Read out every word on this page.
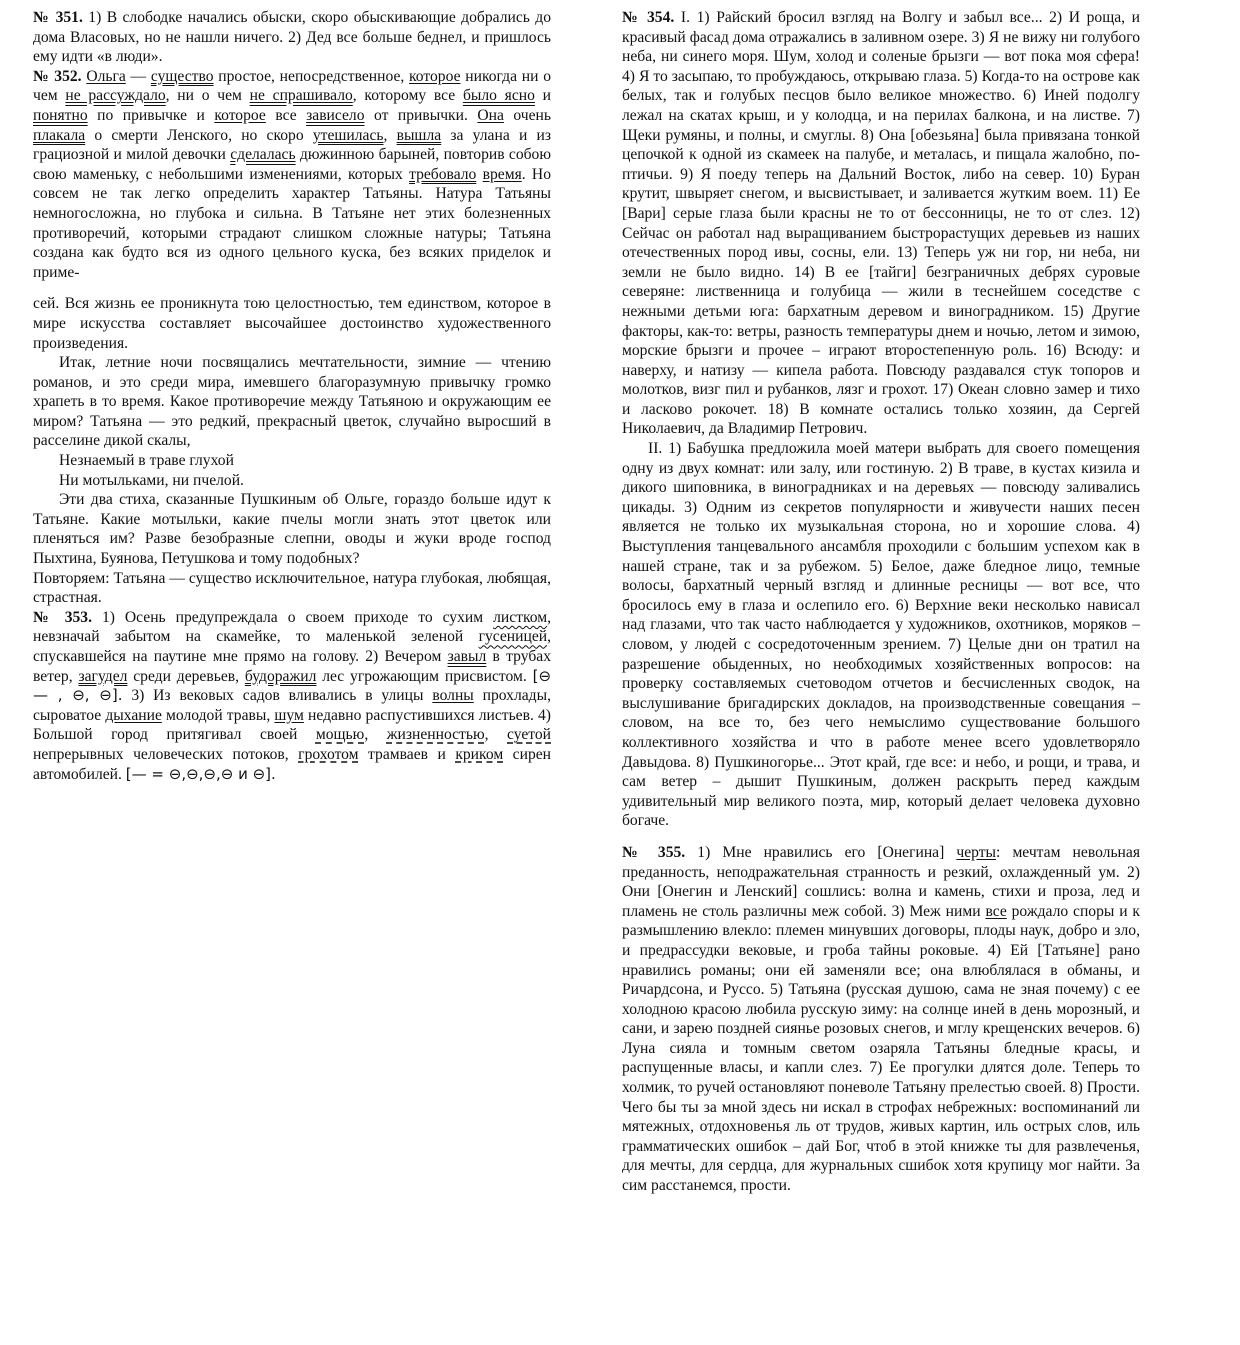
№ 351. 1) В слободке начались обыски, скоро обыскивающие добрались до дома Власовых, но не нашли ничего. 2) Дед все больше беднел, и пришлось ему идти «в люди».

№ 352. Ольга — существо простое, непосредственное, которое никогда ни о чем не рассуждало, ни о чем не спрашивало, которому все было ясно и понятно по привычке и которое все зависело от привычки. Она очень плакала о смерти Ленского, но скоро утешилась, вышла за улана и из грациозной и милой девочки сделалась дюжинною барыней, повторив собою свою маменьку, с небольшими изменениями, которых требовало время. Но совсем не так легко определить характер Татьяны. Натура Татьяны немногосложна, но глубока и сильна. В Татьяне нет этих болезненных противоречий, которыми страдают слишком сложные натуры; Татьяна создана как будто вся из одного цельного куска, без всяких приделок и приме-

сей. Вся жизнь ее проникнута тою целостностью, тем единством, которое в мире искусства составляет высочайшее достоинство художественного произведения.

Итак, летние ночи посвящались мечтательности, зимние — чтению романов, и это среди мира, имевшего благоразумную привычку громко храпеть в то время. Какое противоречие между Татьяною и окружающим ее миром? Татьяна — это редкий, прекрасный цветок, случайно выросший в расселине дикой скалы,

Незнаемый в траве глухой

Ни мотыльками, ни пчелой.

Эти два стиха, сказанные Пушкиным об Ольге, гораздо больше идут к Татьяне. Какие мотыльки, какие пчелы могли знать этот цветок или пленяться им? Разве безобразные слепни, оводы и жуки вроде господ Пыхтина, Буянова, Петушкова и тому подобных?

Повторяем: Татьяна — существо исключительное, натура глубокая, любящая, страстная.

№ 353. 1) Осень предупреждала о своем приходе то сухим листком, невзначай забытом на скамейке, то маленькой зеленой гусеницей, спускавшейся на паутине мне прямо на голову. 2) Вечером завыл в трубах ветер, загудел среди деревьев, будоражил лес угрожающим присвистом. [⊖ — , ⊖, ⊖]. 3) Из вековых садов вливались в улицы волны прохлады, сыроватое дыхание молодой травы, шум недавно распустившихся листьев. 4) Большой город притягивал своей мощью, жизненностью, суетой непрерывных человеческих потоков, грохотом трамваев и криком сирен автомобилей. [— = ⊖,⊖,⊖,⊖ и ⊖].

№ 354. I. 1) Райский бросил взгляд на Волгу и забыл все... 2) И роща, и красивый фасад дома отражались в заливном озере. 3) Я не вижу ни голубого неба, ни синего моря. Шум, холод и соленые брызги — вот пока моя сфера! 4) Я то засыпаю, то пробуждаюсь, открываю глаза. 5) Когда-то на острове как белых, так и голубых песцов было великое множество. 6) Иней подолгу лежал на скатах крыш, и у колодца, и на перилах балкона, и на листве. 7) Щеки румяны, и полны, и смуглы. 8) Она [обезьяна] была привязана тонкой цепочкой к одной из скамеек на палубе, и металась, и пищала жалобно, по-птичьи. 9) Я поеду теперь на Дальний Восток, либо на север. 10) Буран крутит, швыряет снегом, и высвистывает, и заливается жутким воем. 11) Ее [Вари] серые глаза были красны не то от бессонницы, не то от слез. 12) Сейчас он работал над выращиванием быстрорастущих деревьев из наших отечественных пород ивы, сосны, ели. 13) Теперь уж ни гор, ни неба, ни земли не было видно. 14) В ее [тайги] безграничных дебрях суровые северяне: лиственница и голубица — жили в теснейшем соседстве с нежными детьми юга: бархатным деревом и виноградником. 15) Другие факторы, как-то: ветры, разность температуры днем и ночью, летом и зимою, морские брызги и прочее – играют второстепенную роль. 16) Всюду: и наверху, и натизу — кипела работа. Повсюду раздавался стук топоров и молотков, визг пил и рубанков, лязг и грохот. 17) Океан словно замер и тихо и ласково рокочет. 18) В комнате остались только хозяин, да Сергей Николаевич, да Владимир Петрович.

II. 1) Бабушка предложила моей матери выбрать для своего помещения одну из двух комнат: или залу, или гостиную. 2) В траве, в кустах кизила и дикого шиповника, в виноградниках и на деревьях — повсюду заливались цикады. 3) Одним из секретов популярности и живучести наших песен является не только их музыкальная сторона, но и хорошие слова. 4) Выступления танцевального ансамбля проходили с большим успехом как в нашей стране, так и за рубежом. 5) Белое, даже бледное лицо, темные волосы, бархатный черный взгляд и длинные ресницы — вот все, что бросилось ему в глаза и ослепило его. 6) Верхние веки несколько нависал над глазами, что так часто наблюдается у художников, охотников, моряков – словом, у людей с сосредоточенным зрением. 7) Целые дни он тратил на разрешение обыденных, но необходимых хозяйственных вопросов: на проверку составляемых счетоводом отчетов и бесчисленных сводок, на выслушивание бригадирских докладов, на производственные совещания – словом, на все то, без чего немыслимо существование большого коллективного хозяйства и что в работе менее всего удовлетворяло Давыдова. 8) Пушкиногорье... Этот край, где все: и небо, и рощи, и трава, и сам ветер – дышит Пушкиным, должен раскрыть перед каждым удивительный мир великого поэта, мир, который делает человека духовно богаче.

№ 355. 1) Мне нравились его [Онегина] черты: мечтам невольная преданность, неподражательная странность и резкий, охлажденный ум. 2) Они [Онегин и Ленский] сошлись: волна и камень, стихи и проза, лед и пламень не столь различны меж собой. 3) Меж ними все рождало споры и к размышлению влекло: племен минувших договоры, плоды наук, добро и зло, и предрассудки вековые, и гроба тайны роковые. 4) Ей [Татьяне] рано нравились романы; они ей заменяли все; она влюблялася в обманы, и Ричардсона, и Руссо. 5) Татьяна (русская душою, сама не зная почему) с ее холодною красою любила русскую зиму: на солнце иней в день морозный, и сани, и зарею поздней сиянье розовых снегов, и мглу крещенских вечеров. 6) Луна сияла и томным светом озаряла Татьяны бледные красы, и распущенные власы, и капли слез. 7) Ее прогулки длятся доле. Теперь то холмик, то ручей остановляют поневоле Татьяну прелестью своей. 8) Прости. Чего бы ты за мной здесь ни искал в строфах небрежных: воспоминаний ли мятежных, отдохновенья ль от трудов, живых картин, иль острых слов, иль грамматических ошибок – дай Бог, чтоб в этой книжке ты для развлеченья, для мечты, для сердца, для журнальных сшибок хотя крупицу мог найти. За сим расстанемся, прости.
